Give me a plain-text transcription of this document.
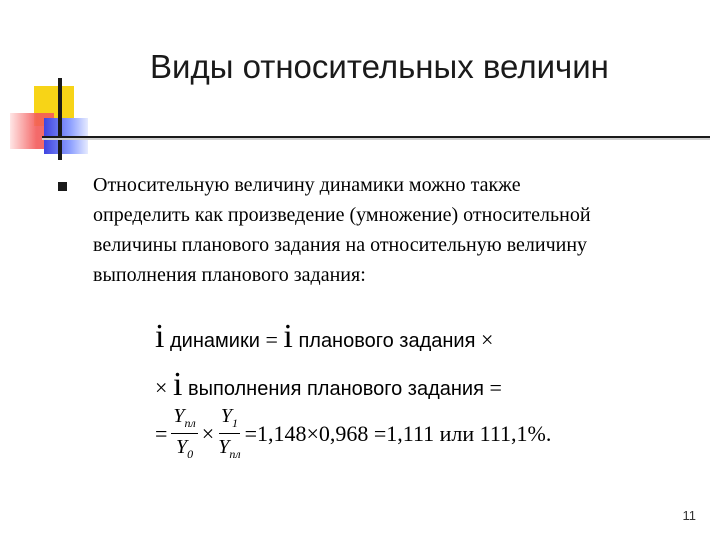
Виды относительных величин
Относительную величину динамики можно также
определить как произведение (умножение) относительной
величины планового задания на относительную величину
выполнения планового задания:
i динамики = i планового задания ×
× i выполнения планового задания =
= $\frac{Y_{пл}}{Y_0} \times \frac{Y_1}{Y_{пл}} =1,148\times 0,968 =1,111$ или 111,1%.
11
